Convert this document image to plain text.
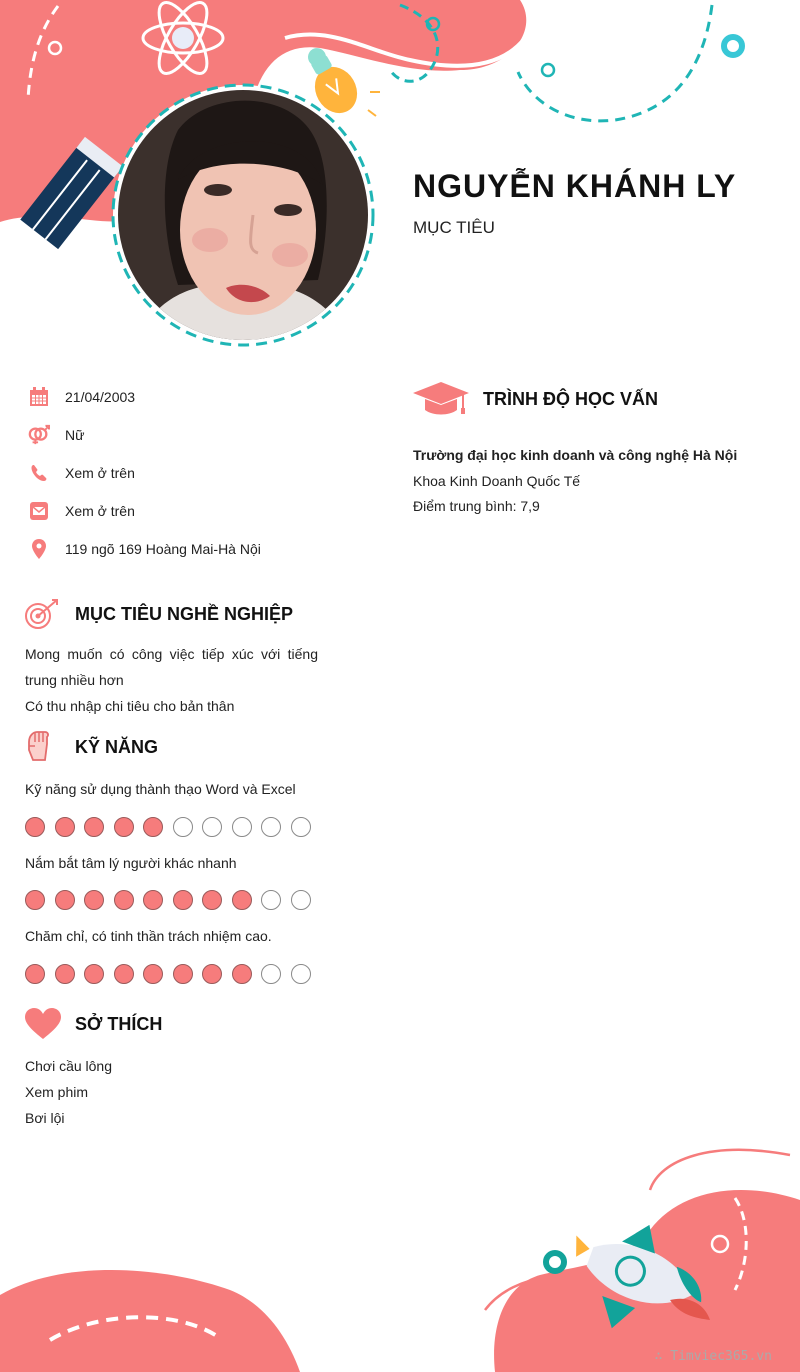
NGUYỄN KHÁNH LY
MỤC TIÊU
21/04/2003
Nữ
Xem ở trên
Xem ở trên
119 ngõ 169 Hoàng Mai-Hà Nội
MỤC TIÊU NGHỀ NGHIỆP

Mong muốn có công việc tiếp xúc với tiếng trung nhiều hơn

Có thu nhập chi tiêu cho bản thân

KỸ NĂNG
Kỹ năng sử dụng thành thạo Word và Excel
Nắm bắt tâm lý người khác nhanh
Chăm chỉ, có tinh thần trách nhiệm cao.
SỞ THÍCH

Chơi cầu lông

Xem phim

Bơi lội

TRÌNH ĐỘ HỌC VẤN
Trường đại học kinh doanh và công nghệ Hà Nội
Khoa Kinh Doanh Quốc Tế
Điểm trung bình: 7,9
∴ Timviec365.vn
